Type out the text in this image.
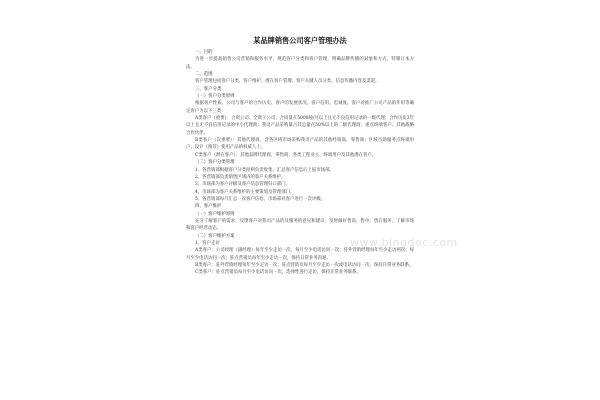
某品牌销售公司客户管理办法

一、目的

为进一步提高销售公司营销和服务水平，规范客户分类和客户管理，明确品牌传播的对象和方式，特制订本方法。

二、范围

客户管理包括客户分类、客户维护、潜在客户管理；客户关键人员分类、信息传播内容及渠道。

三、客户分类

（一）客户分类原则

根据客户性质、公司与客户的合作历史、客户的发展状况、客户信用、忠诚度、客户对推广公司产品的作用等确定客户为以下三类：

A类客户（重要）：合资公司、全资子公司；合同量在5000吨/月以上且无不良信用记录的一级代理；合作历史3年以上且无不良信用记录的中小代理商；我司产品采购量占其总量在50%以上的二级代理商；重点终端客户、其他战略合作伙伴。

B类客户（次重要）：其他代理商，含各区域市场采购我司产品的其他经销商、零售商；区域市场服务点终端用户；设计（推荐）使用产品的权威人士。

C类客户（潜在客户）：其他品牌代理商、零售商；各类工程业主、终端用户及其他潜在客户。

（二）客户分类管理

1、各营销部根据客户分类原则负责收集、汇总客户信息后上报市场部。

2、各营销部负责销售区域内的客户关系维护。

3、市场部为客户评级及客户信息管理归口部门。

4、市场部为客户关系维护的主要策划及管理部门。

5、各营销部每月汇总一次客户信息，市场部对客户进行一次评级。

四、客户维护

（一）客户维护原则

充分了解客户的需求，反馈客户对我司产品的及服务的意见和建议，及时做好售前、售中、售后服务，了解市场和客户经营动态。

（二）客户维护方案

1、客户走访

A类客户：公司经理（副经理）每年至少走访一次，每月至少电话访问一次；驻外营销经理每年至少走访两次，每月至少电话访问一次；驻点营销员每年至少走访一次，保持日常业务沟通。

B类客户：驻外营销经理每年至少走访一次；驻点营销员每月至少走访一次或电话访问一次，保持日常业务联系。

C类客户：驻点营销员每月至少电话访问一次，选择性进行走访，保持正常业务联系。

www.bingdoc.com
